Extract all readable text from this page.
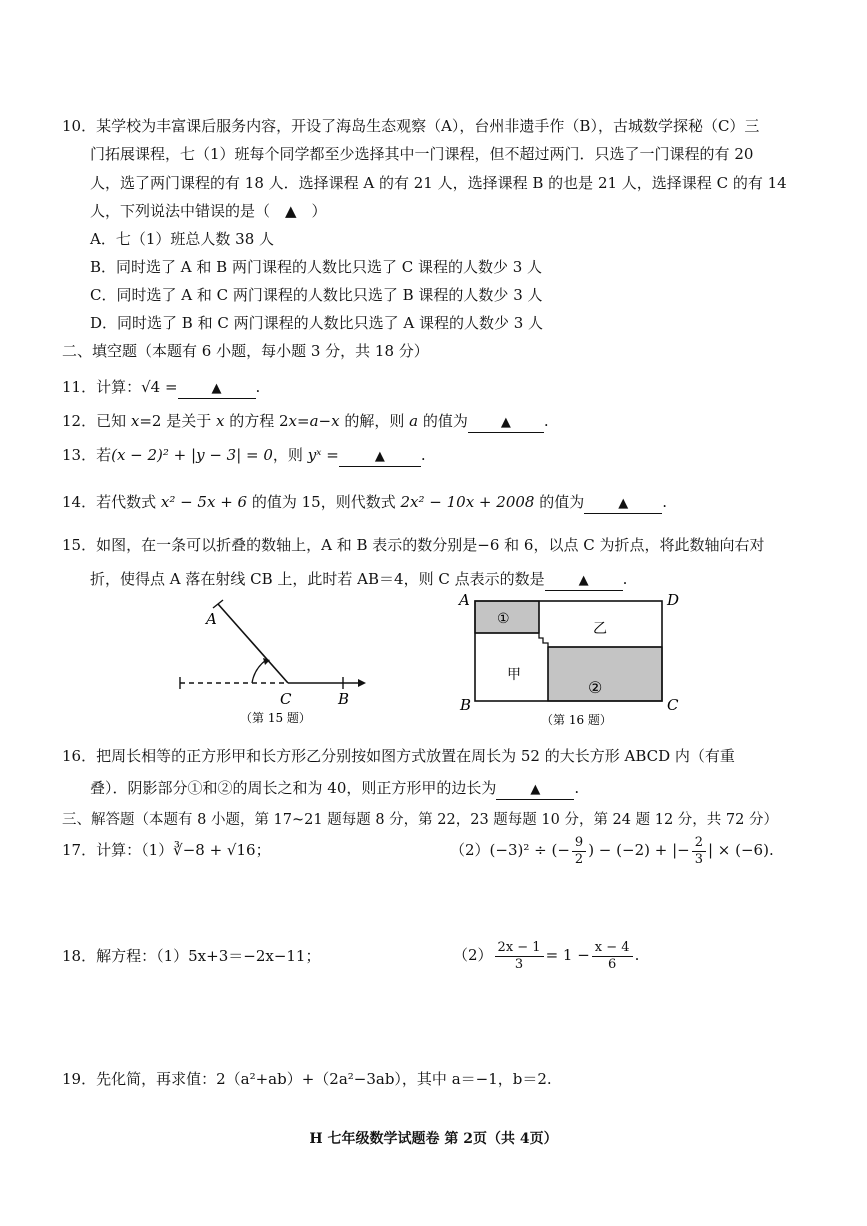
10．某学校为丰富课后服务内容，开设了海岛生态观察（A），台州非遗手作（B），古城数学探秘（C）三
门拓展课程，七（1）班每个同学都至少选择其中一门课程，但不超过两门．只选了一门课程的有 20
人，选了两门课程的有 18 人．选择课程 A 的有 21 人，选择课程 B 的也是 21 人，选择课程 C 的有 14
人，下列说法中错误的是（　▲　）
A．七（1）班总人数 38 人
B．同时选了 A 和 B 两门课程的人数比只选了 C 课程的人数少 3 人
C．同时选了 A 和 C 两门课程的人数比只选了 B 课程的人数少 3 人
D．同时选了 B 和 C 两门课程的人数比只选了 A 课程的人数少 3 人
二、填空题（本题有 6 小题，每小题 3 分，共 18 分）
11．计算：√4 =	▲ .
12．已知 x=2 是关于 x 的方程 2x=a−x 的解，则 a 的值为	▲ .
13．若(x − 2)² + |y − 3| = 0，则 yˣ =	▲ .
14．若代数式 x² − 5x + 6 的值为 15，则代数式 2x² − 10x + 2008 的值为	▲ .
15．如图，在一条可以折叠的数轴上，A 和 B 表示的数分别是−6 和 6，以点 C 为折点，将此数轴向右对
折，使得点 A 落在射线 CB 上，此时若 AB＝4，则 C 点表示的数是	▲ .
A
C	B
（第 15 题）
①
②
甲
乙
A	D
B	C
（第 16 题）
16．把周长相等的正方形甲和长方形乙分别按如图方式放置在周长为 52 的大长方形 ABCD 内（有重
叠）．阴影部分①和②的周长之和为 40，则正方形甲的边长为	▲ .
三、解答题（本题有 8 小题，第 17~21 题每题 8 分，第 22，23 题每题 10 分，第 24 题 12 分，共 72 分）
17．计算：（1）∛−8 + √16；	（2）(−3)² ÷ (− $\frac{9}{2}$ ) − (−2) + |− $\frac{2}{3}$ | × (−6).
18．解方程：（1）5x+3＝−2x−11；	$(2) \frac{2x - 1}{3} = 1 - \frac{x - 4}{6}$ .
19．先化简，再求值：2（a²+ab）+（2a²−3ab），其中 a＝−1，b＝2.
H 七年级数学试题卷 第 2页（共 4页）
